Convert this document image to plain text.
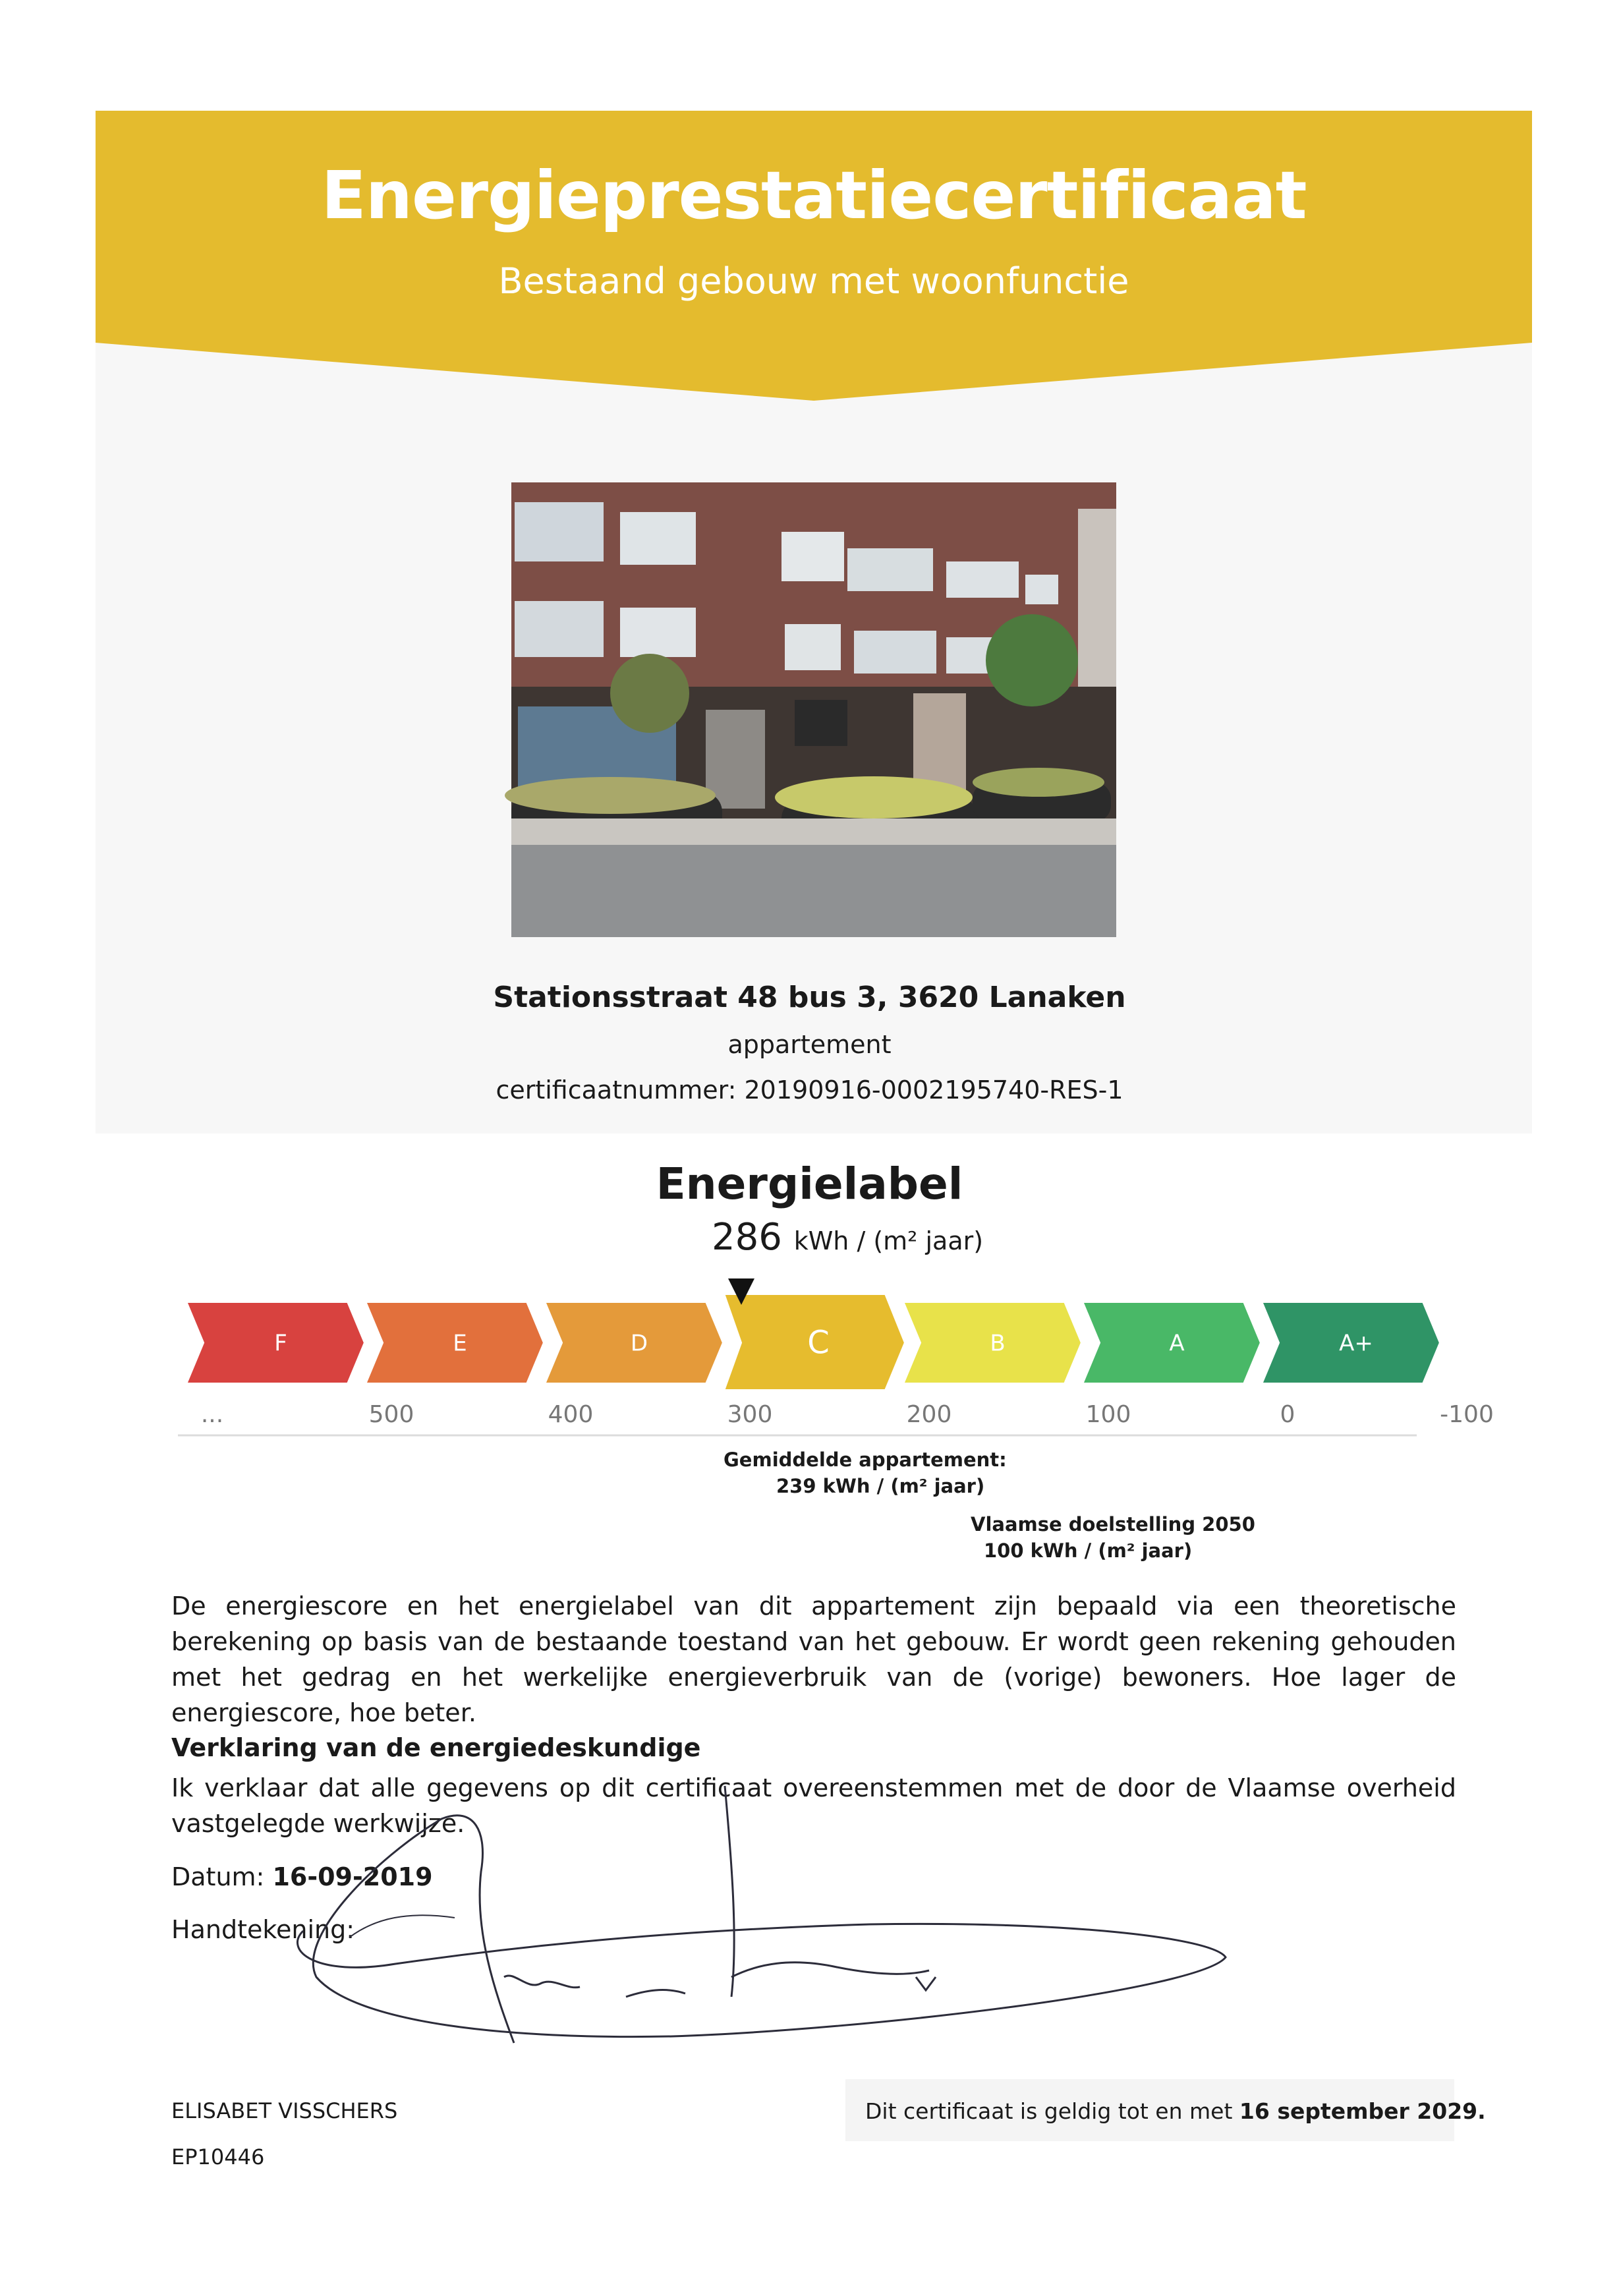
Energieprestatiecertificaat
Bestaand gebouw met woonfunctie
Stationsstraat 48 bus 3, 3620 Lanaken
appartement
certificaatnummer: 20190916-0002195740-RES-1
Energielabel
286 kWh / (m² jaar)
F	E	D	C	B	A	A+
...	500	400	300	200	100	0	-100
Gemiddelde appartement:
239 kWh / (m² jaar)
Vlaamse doelstelling 2050
100 kWh / (m² jaar)
De energiescore en het energielabel van dit appartement zijn bepaald via een theoretische berekening op basis van de bestaande toestand van het gebouw. Er wordt geen rekening gehouden met het gedrag en het werkelijke energieverbruik van de (vorige) bewoners. Hoe lager de energiescore, hoe beter.
Verklaring van de energiedeskundige
Ik verklaar dat alle gegevens op dit certificaat overeenstemmen met de door de Vlaamse overheid vastgelegde werkwijze.
Datum: 16-09-2019
Handtekening:
ELISABET VISSCHERS
EP10446
Dit certificaat is geldig tot en met 16 september 2029.
